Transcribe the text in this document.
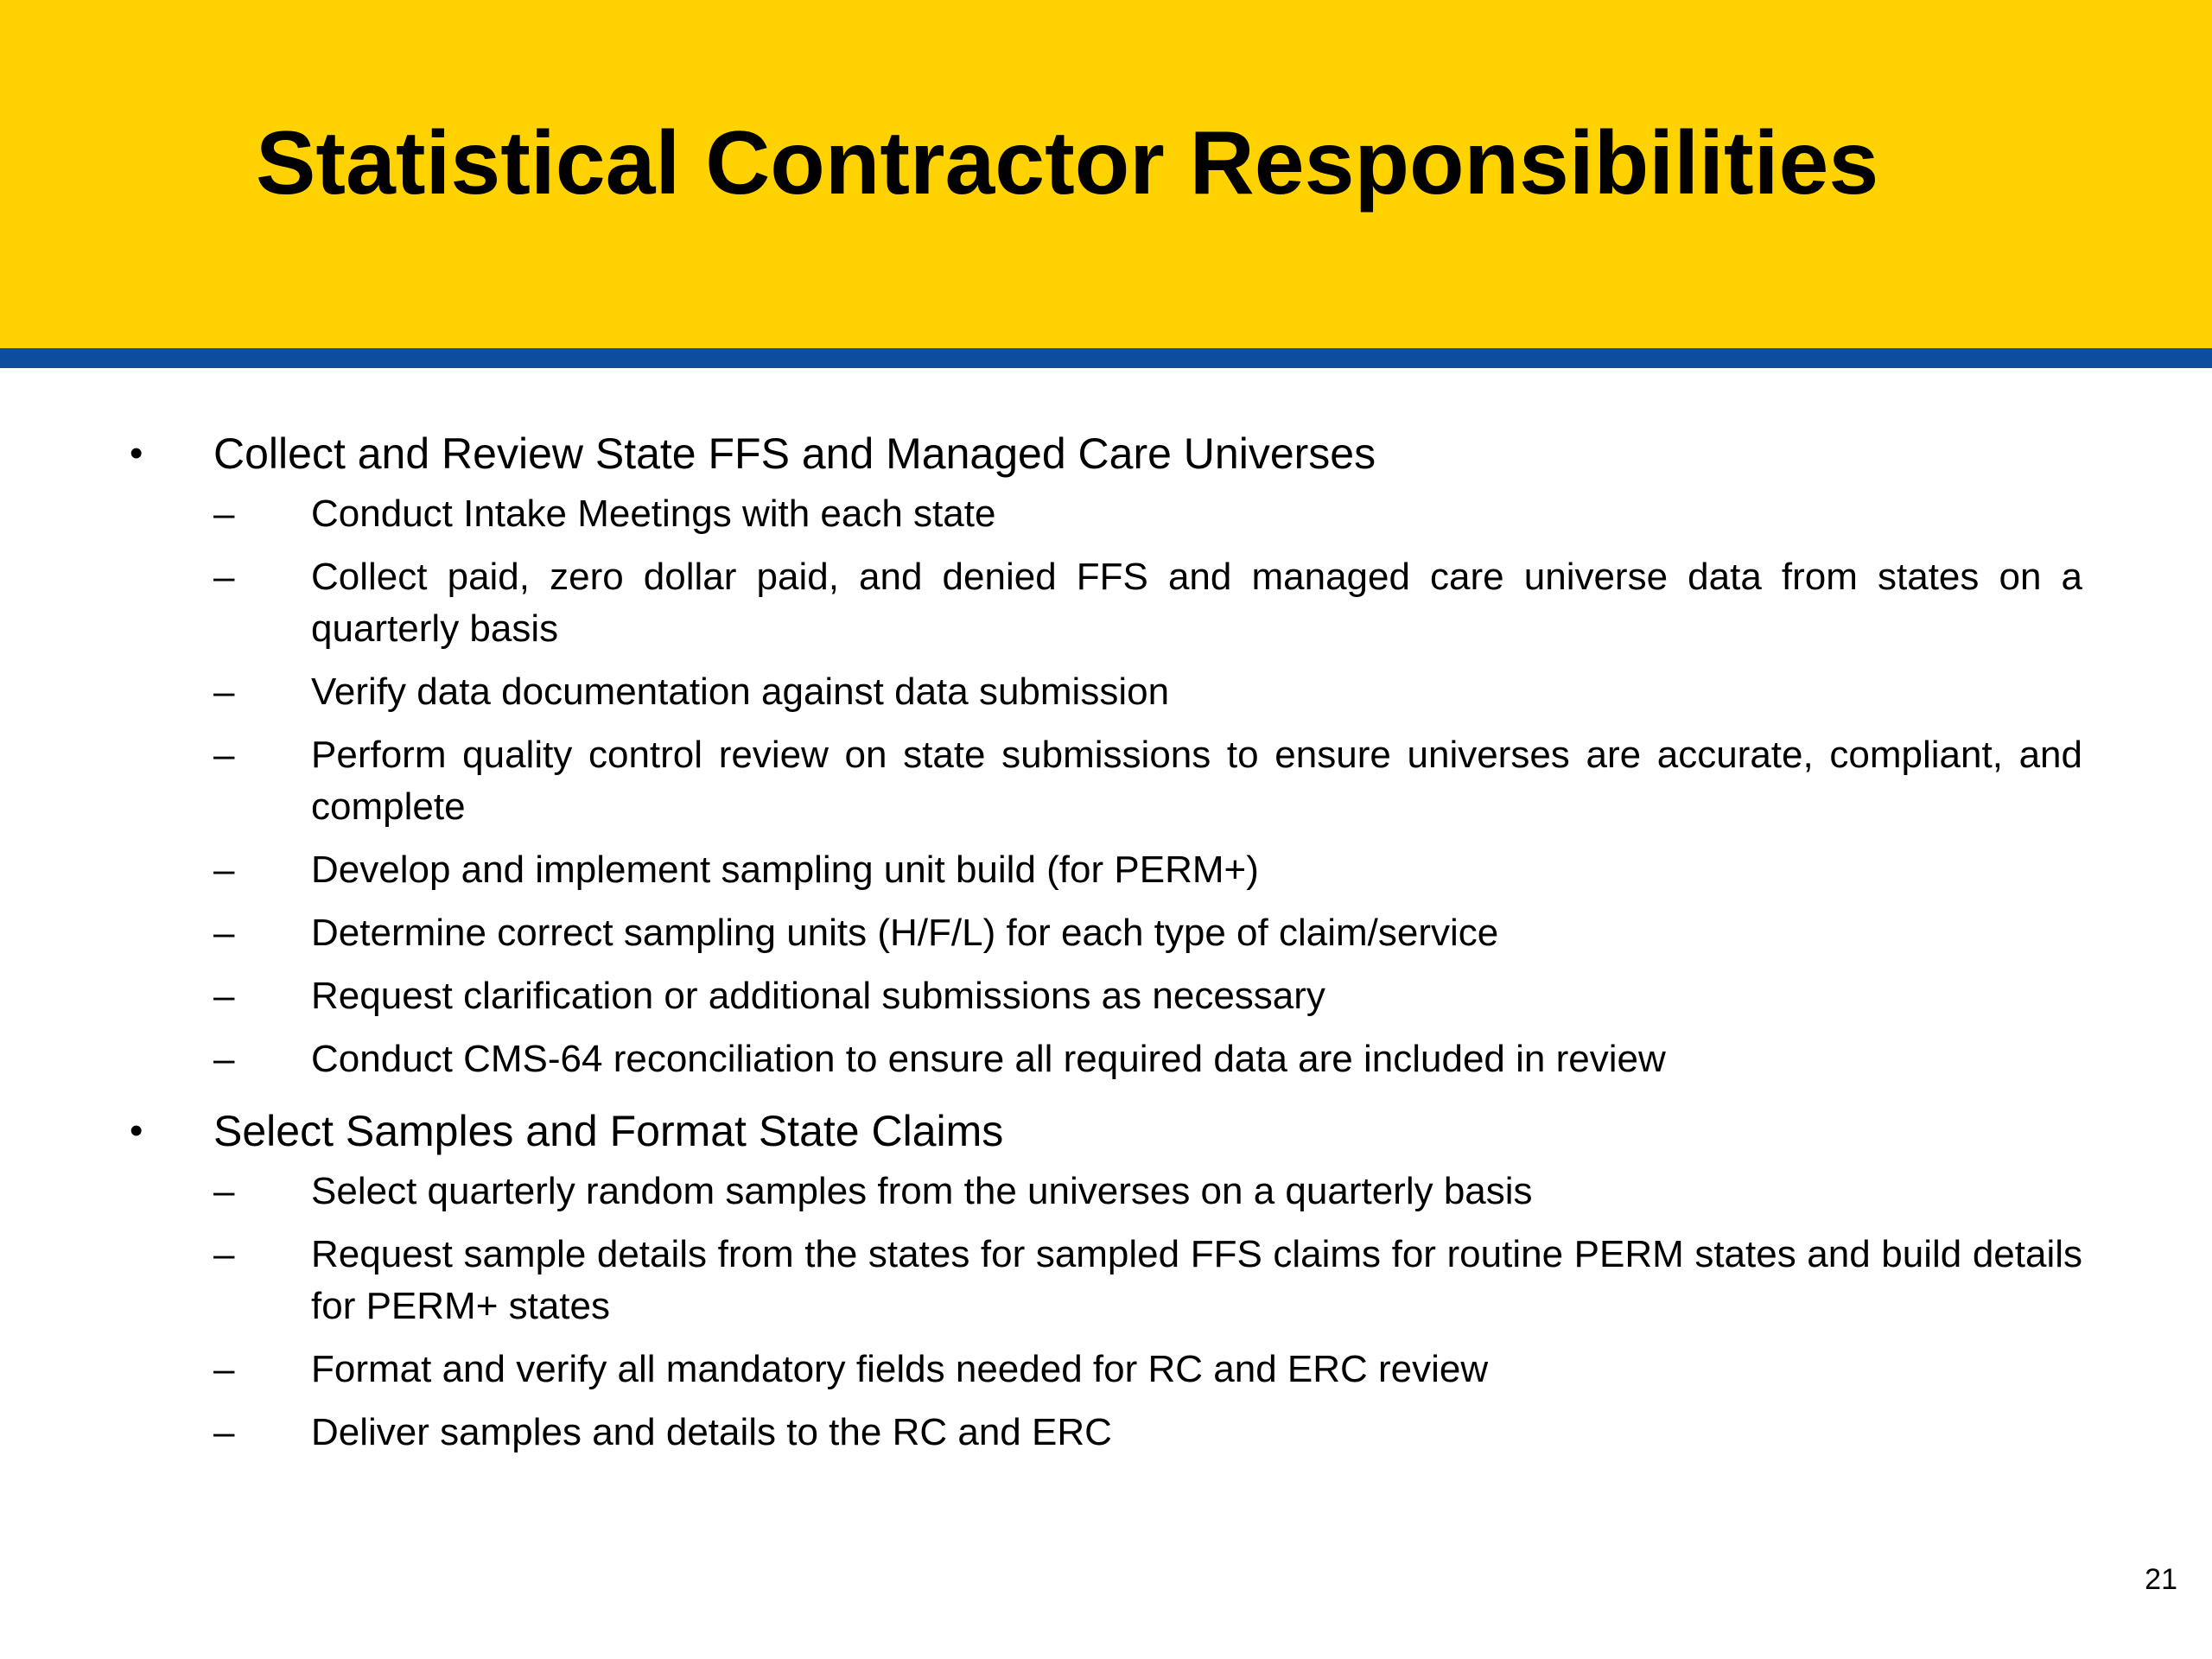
Statistical Contractor Responsibilities
• Collect and Review State FFS and Managed Care Universes
–	Conduct Intake Meetings with each state
–	Collect paid, zero dollar paid, and denied FFS and managed care universe data from states on a quarterly basis
–	Verify data documentation against data submission
–	Perform quality control review on state submissions to ensure universes are accurate, compliant, and complete
–	Develop and implement sampling unit build (for PERM+)
–	Determine correct sampling units (H/F/L) for each type of claim/service
–	Request clarification or additional submissions as necessary
–	Conduct CMS-64 reconciliation to ensure all required data are included in review
• Select Samples and Format State Claims
–	Select quarterly random samples from the universes on a quarterly basis
–	Request sample details from the states for sampled FFS claims for routine PERM states and build details for PERM+ states
–	Format and verify all mandatory fields needed for RC and ERC review
–	Deliver samples and details to the RC and ERC
21
